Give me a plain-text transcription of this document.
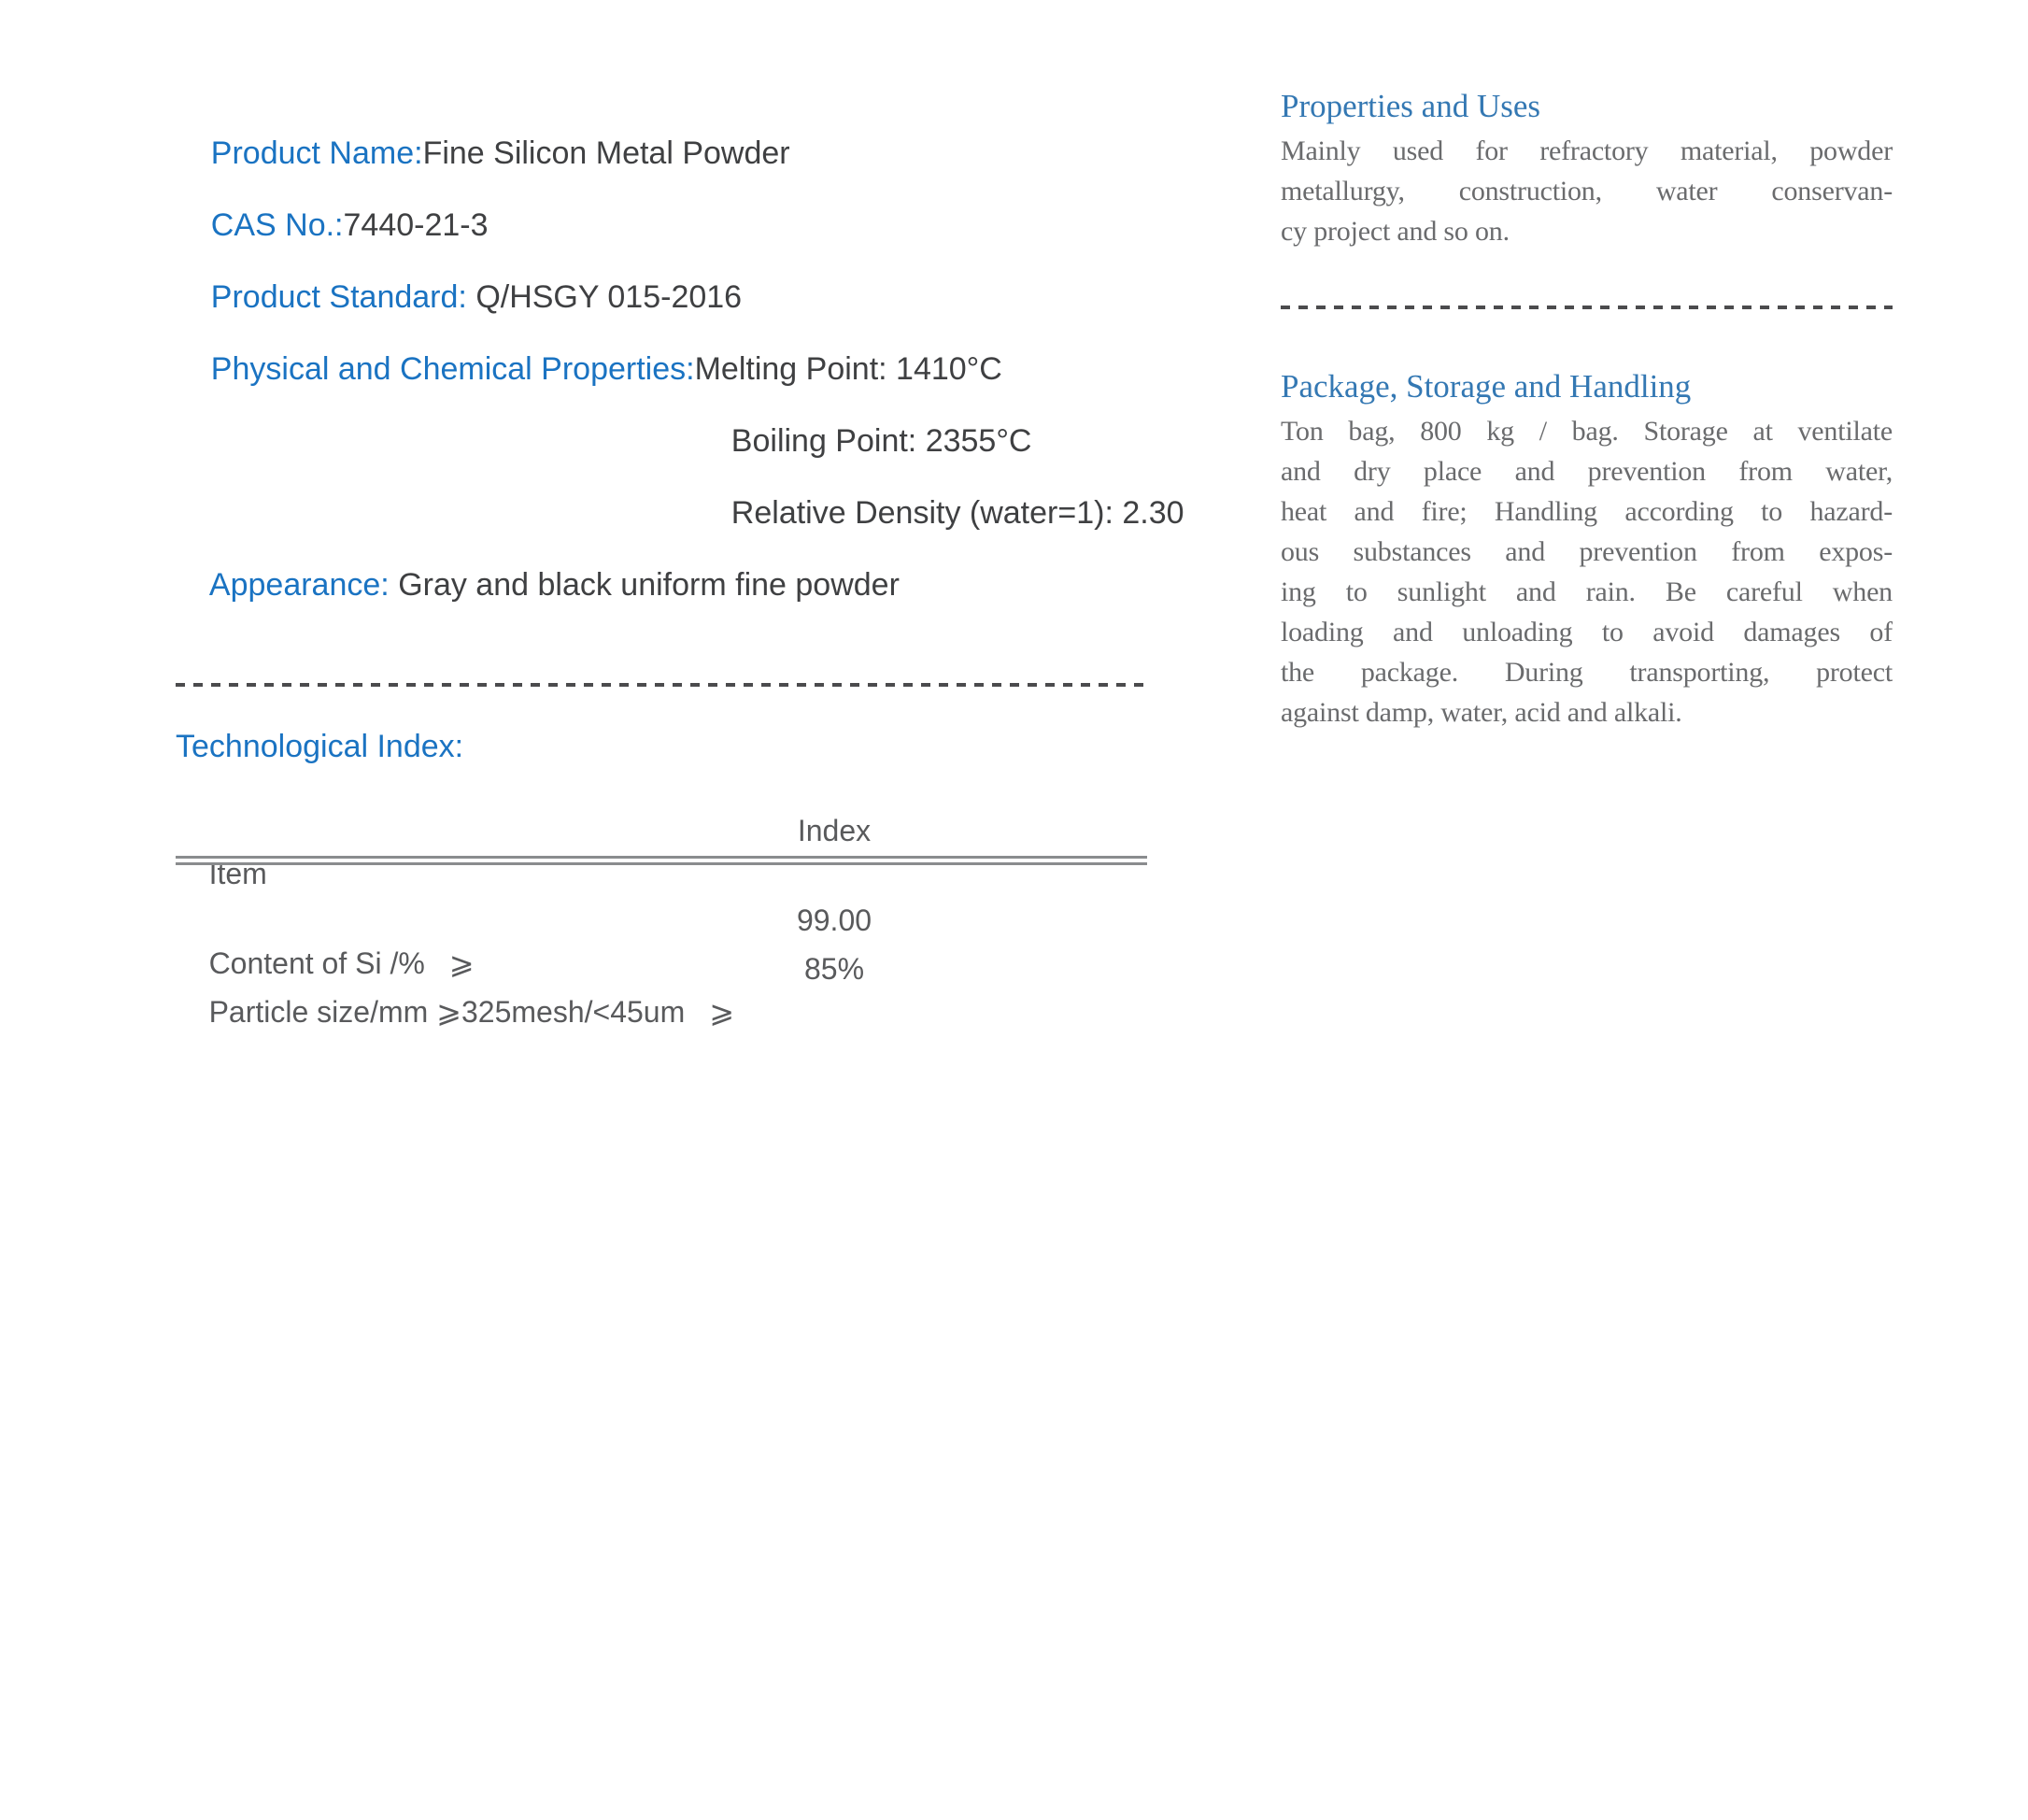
Product Name:Fine Silicon Metal Powder

CAS No.:7440-21-3

Product Standard: Q/HSGY 015-2016

Physical and Chemical Properties:Melting Point: 1410°C

Boiling Point: 2355°C

Relative Density (water=1): 2.30

Appearance: Gray and black uniform fine powder

Technological Index:

Item

Index

Content of Si /% ⩾

99.00

Particle size/mm ⩾325mesh/<45um ⩾

85%

Properties and Uses
Mainly used for refractory material, powder
metallurgy, construction, water conservan-
cy project and so on.
Package, Storage and Handling
Ton bag, 800 kg / bag. Storage at ventilate
and dry place and prevention from water,
heat and fire; Handling according to hazard-
ous substances and prevention from expos-
ing to sunlight and rain. Be careful when
loading and unloading to avoid damages of
the package. During transporting, protect
against damp, water, acid and alkali.
